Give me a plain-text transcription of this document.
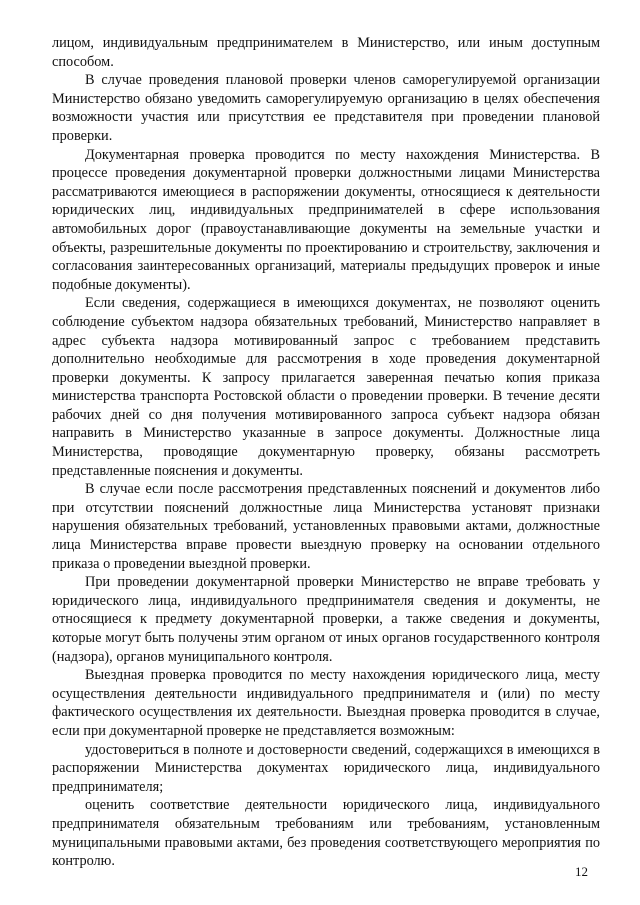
лицом, индивидуальным предпринимателем в Министерство, или иным доступным способом.

В случае проведения плановой проверки членов саморегулируемой организации Министерство обязано уведомить саморегулируемую организацию в целях обеспечения возможности участия или присутствия ее представителя при проведении плановой проверки.

Документарная проверка проводится по месту нахождения Министерства. В процессе проведения документарной проверки должностными лицами Министерства рассматриваются имеющиеся в распоряжении документы, относящиеся к деятельности юридических лиц, индивидуальных предпринимателей в сфере использования автомобильных дорог (правоустанавливающие документы на земельные участки и объекты, разрешительные документы по проектированию и строительству, заключения и согласования заинтересованных организаций, материалы предыдущих проверок и иные подобные документы).

Если сведения, содержащиеся в имеющихся документах, не позволяют оценить соблюдение субъектом надзора обязательных требований, Министерство направляет в адрес субъекта надзора мотивированный запрос с требованием представить дополнительно необходимые для рассмотрения в ходе проведения документарной проверки документы. К запросу прилагается заверенная печатью копия приказа министерства транспорта Ростовской области о проведении проверки. В течение десяти рабочих дней со дня получения мотивированного запроса субъект надзора обязан направить в Министерство указанные в запросе документы. Должностные лица Министерства, проводящие документарную проверку, обязаны рассмотреть представленные пояснения и документы.

В случае если после рассмотрения представленных пояснений и документов либо при отсутствии пояснений должностные лица Министерства установят признаки нарушения обязательных требований, установленных правовыми актами, должностные лица Министерства вправе провести выездную проверку на основании отдельного приказа о проведении выездной проверки.

При проведении документарной проверки Министерство не вправе требовать у юридического лица, индивидуального предпринимателя сведения и документы, не относящиеся к предмету документарной проверки, а также сведения и документы, которые могут быть получены этим органом от иных органов государственного контроля (надзора), органов муниципального контроля.

Выездная проверка проводится по месту нахождения юридического лица, месту осуществления деятельности индивидуального предпринимателя и (или) по месту фактического осуществления их деятельности. Выездная проверка проводится в случае, если при документарной проверке не представляется возможным:

удостовериться в полноте и достоверности сведений, содержащихся в имеющихся в распоряжении Министерства документах юридического лица, индивидуального предпринимателя;

оценить соответствие деятельности юридического лица, индивидуального предпринимателя обязательным требованиям или требованиям, установленным муниципальными правовыми актами, без проведения соответствующего мероприятия по контролю.

12
